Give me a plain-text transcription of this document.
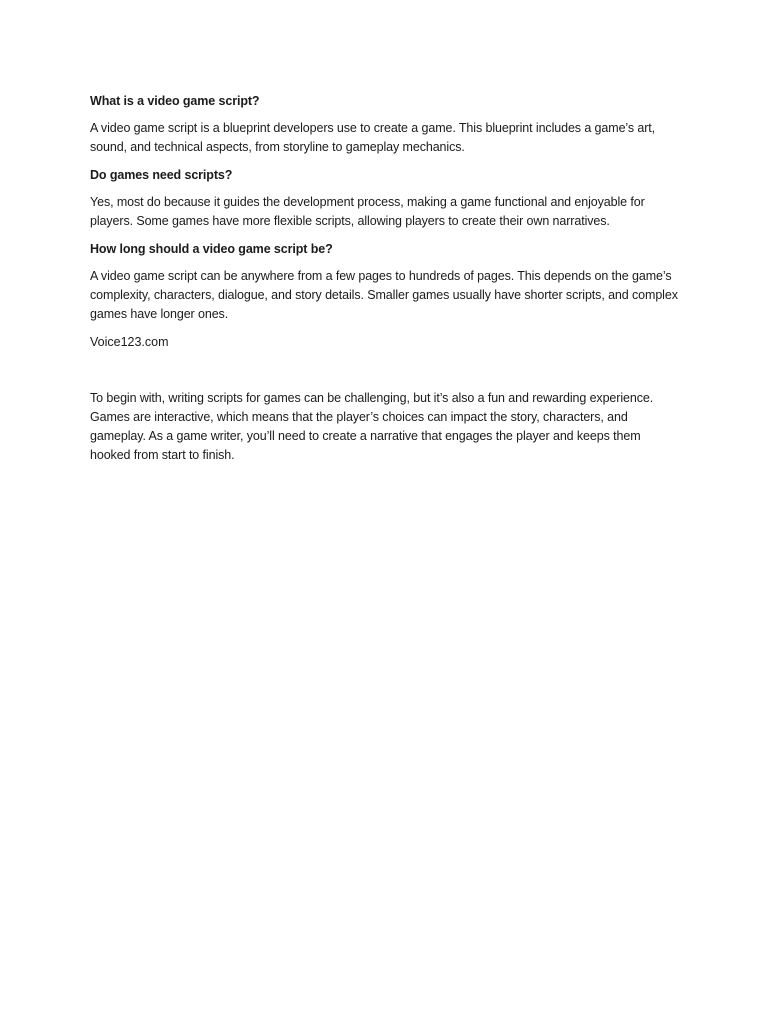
What is a video game script?
A video game script is a blueprint developers use to create a game. This blueprint includes a game’s art, sound, and technical aspects, from storyline to gameplay mechanics.
Do games need scripts?
Yes, most do because it guides the development process, making a game functional and enjoyable for players. Some games have more flexible scripts, allowing players to create their own narratives.
How long should a video game script be?
A video game script can be anywhere from a few pages to hundreds of pages. This depends on the game’s complexity, characters, dialogue, and story details. Smaller games usually have shorter scripts, and complex games have longer ones.
Voice123.com
To begin with, writing scripts for games can be challenging, but it’s also a fun and rewarding experience. Games are interactive, which means that the player’s choices can impact the story, characters, and gameplay. As a game writer, you’ll need to create a narrative that engages the player and keeps them hooked from start to finish.
